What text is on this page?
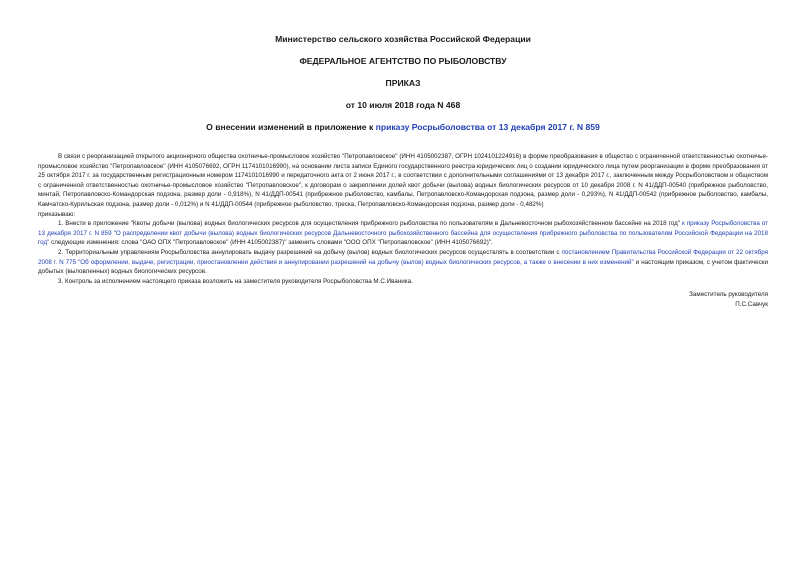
Министерство сельского хозяйства Российской Федерации

ФЕДЕРАЛЬНОЕ АГЕНТСТВО ПО РЫБОЛОВСТВУ

ПРИКАЗ

от 10 июля 2018 года N 468

О внесении изменений в приложение к приказу Росрыболовства от 13 декабря 2017 г. N 859

В связи с реорганизацией открытого акционерного общества охотничье-промысловое хозяйство "Петропавловское" (ИНН 4105002387, ОГРН 1024101224916) в форме преобразования в общество с ограниченной ответственностью охотничье-промысловое хозяйство "Петропавловское" (ИНН 4105076692, ОГРН 1174101016990), на основании листа записи Единого государственного реестра юридических лиц о создании юридического лица путем реорганизации в форме преобразования от 25 октября 2017 г. за государственным регистрационным номером 1174101016990 и передаточного акта от 2 июня 2017 г., в соответствии с дополнительными соглашениями от 13 декабря 2017 г., заключенным между Росрыболовством и обществом с ограниченной ответственностью охотничье-промысловое хозяйство "Петропавловское", к договорам о закреплении долей квот добычи (вылова) водных биологических ресурсов от 10 декабря 2008 г. N 41/ДДП-00540 (прибрежное рыболовство, минтай, Петропавловско-Командорская подзона, размер доли - 0,918%), N 41/ДДП-00541 (прибрежное рыболовство, камбалы, Петропавловско-Командорская подзона, размер доли - 0,293%), N 41/ДДП-00542 (прибрежное рыболовство, камбалы, Камчатско-Курильская подзона, размер доли - 0,012%) и N 41/ДДП-00544 (прибрежное рыболовство, треска, Петропавловско-Командорская подзона, размер доли - 0,482%)

приказываю:

1. Внести в приложение "Квоты добычи (вылова) водных биологических ресурсов для осуществления прибрежного рыболовства по пользователям в Дальневосточном рыбохозяйственном бассейне на 2018 год" к приказу Росрыболовства от 13 декабря 2017 г. N 859 "О распределении квот добычи (вылова) водных биологических ресурсов Дальневосточного рыбохозяйственного бассейна для осуществления прибрежного рыболовства по пользователям Российской Федерации на 2018 год" следующие изменения: слова "ОАО ОПХ "Петропавловское" (ИНН 4105002387)" заменить словами "ООО ОПХ "Петропавловское" (ИНН 4105076692)".

2. Территориальным управлениям Росрыболовства аннулировать выдачу разрешений на добычу (вылов) водных биологических ресурсов осуществлять в соответствии с постановлением Правительства Российской Федерации от 22 октября 2008 г. N 775 "Об оформлении, выдаче, регистрации, приостановлении действия и аннулировании разрешений на добычу (вылов) водных биологических ресурсов, а также о внесении в них изменений" и настоящим приказом, с учетом фактически добытых (выловленных) водных биологических ресурсов.

3. Контроль за исполнением настоящего приказа возложить на заместителя руководителя Росрыболовства М.С.Иваника.

Заместитель руководителя
П.С.Савчук
